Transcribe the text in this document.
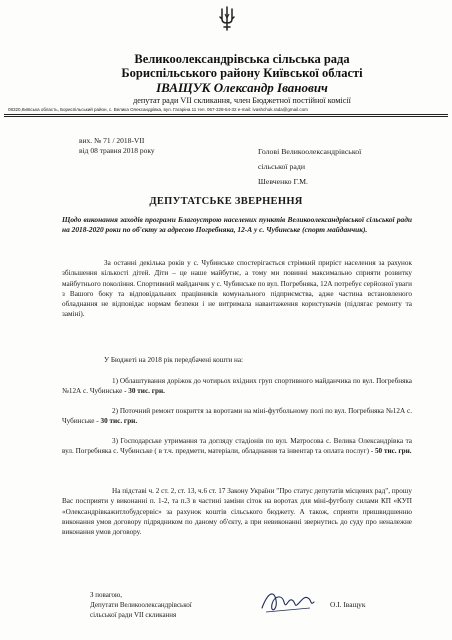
Великоолександрівська сільська рада
Бориспільського району Київської області
ІВАЩУК Олександр Іванович
депутат ради VII скликання, член Бюджетної постійної комісії
08320,Київська область, Бориспільський район, с. Велика Олександрівка, вул. Гагаріна 11 тел. 067-328-54-32 e-mail: ivashchuk.radа@gmail.com
вих. № 71 / 2018-VII
від 08 травня 2018 року	Голові Великоолександрівської
сільської ради
Шевченко Г.М.
ДЕПУТАТСЬКЕ ЗВЕРНЕННЯ
Щодо виконання заходів програми Благоустрою населених пунктів Великоолександрівської сільської ради на 2018-2020 роки по об'єкту за адресою Погребняка, 12-А у с. Чубинське (спорт майданчик).
За останні декілька років у с. Чубинське спостерігається стрімкий приріст населення за рахунок збільшення кількості дітей. Діти – це наше майбутнє, а тому ми повинні максимально сприяти розвитку майбутнього покоління. Спортивний майданчик у с. Чубинське по вул. Погребняка, 12А потребує серйозної уваги з Вашого боку та відповідальних працівників комунального підприємства, адже частина встановленого обладнання не відповідає нормам безпеки і не витримала навантаження користувачів (підлягає ремонту та заміні).
У Бюджеті на 2018 рік передбачені кошти на:
1) Облаштування доріжок до чотирьох вхідних груп спортивного майданчика по вул. Погребняка №12А с. Чубинське - 30 тис. грн.
2) Поточний ремонт покриття за воротами на міні-футбольному полі по вул. Погребняка №12А с. Чубинське - 30 тис. грн.
3) Господарське утримання та догляду стадіонів по вул. Матросова с. Велика Олександрівка та вул. Погребняка с. Чубинське ( в т.ч. предмети, матеріали, обладнання та інвентар та оплата послуг) - 50 тис. грн.
На підставі ч. 2 ст. 2, ст. 13, ч.6 ст. 17 Закону України "Про статус депутатів місцевих рад", прошу Вас посприяти у виконанні п. 1-2, та п.3 в частині заміни сіток на воротах для міні-футболу силами КП «КУП «Олександрівкажитлобудсервіс» за рахунок коштів сільського бюджету. А також, сприяти пришвидшенню виконання умов договору підрядником по даному об'єкту, а при невиконанні звернутись до суду про неналежне виконання умов договору.
З повагою,
Депутати Великоолександрівської
сільської ради VII скликання
О.І. Іващук
